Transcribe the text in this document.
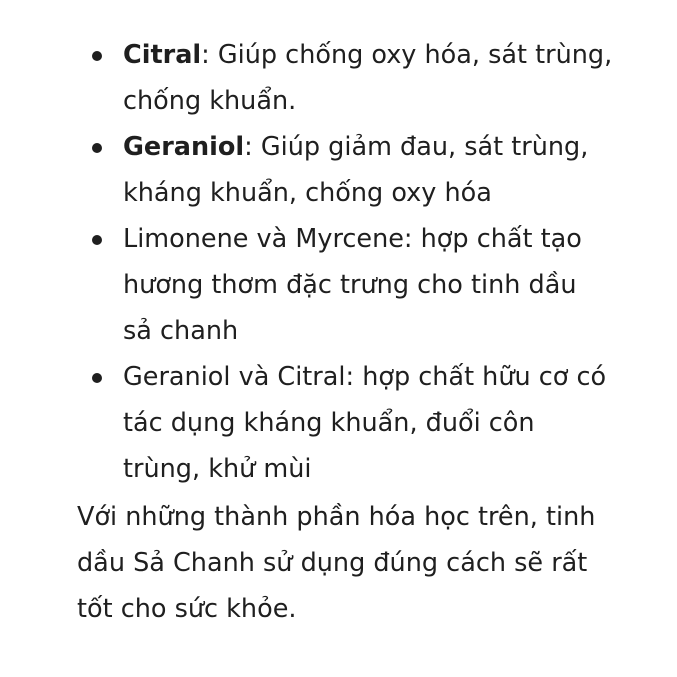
Citral: Giúp chống oxy hóa, sát trùng, chống khuẩn.
Geraniol: Giúp giảm đau, sát trùng, kháng khuẩn, chống oxy hóa
Limonene và Myrcene: hợp chất tạo hương thơm đặc trưng cho tinh dầu sả chanh
Geraniol và Citral: hợp chất hữu cơ có tác dụng kháng khuẩn, đuổi côn trùng, khử mùi

Với những thành phần hóa học trên, tinh dầu Sả Chanh sử dụng đúng cách sẽ rất tốt cho sức khỏe.
